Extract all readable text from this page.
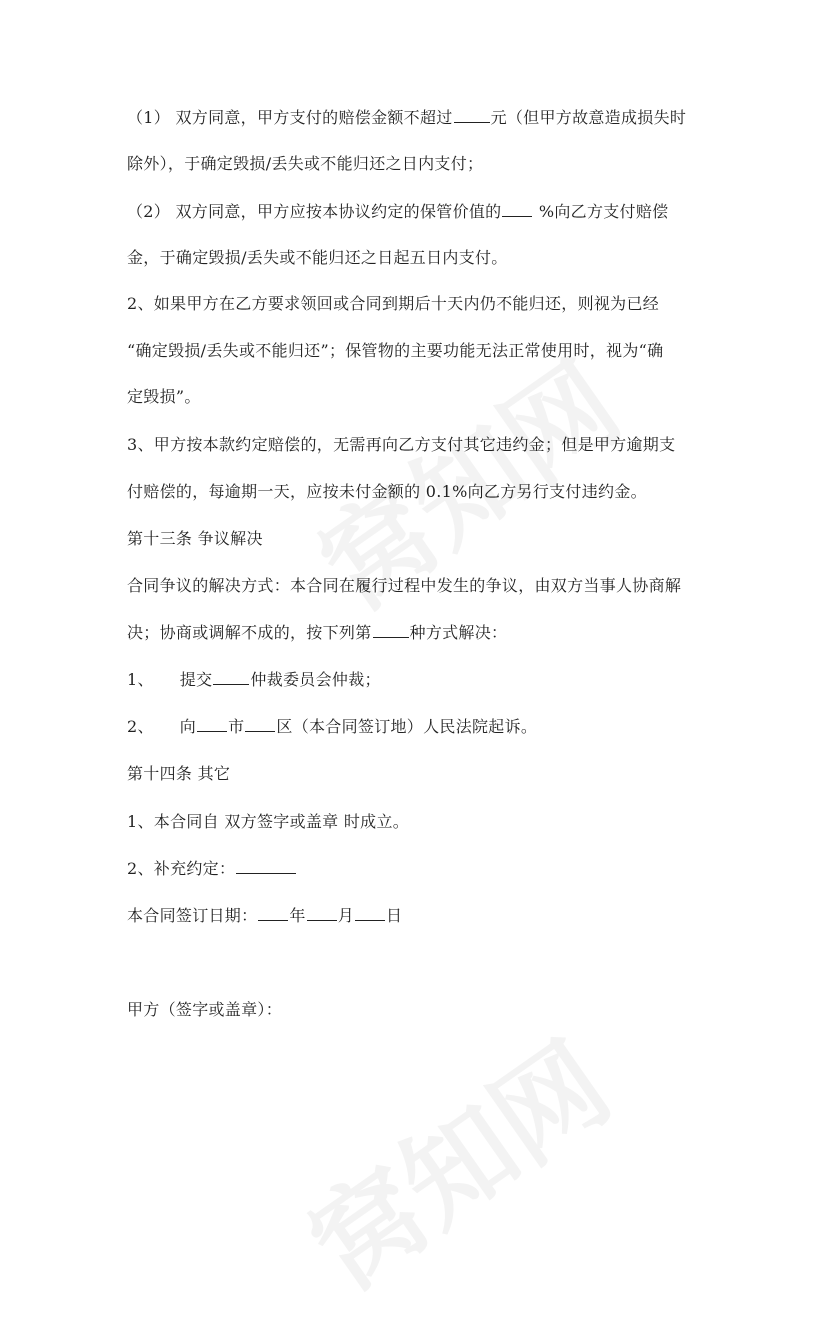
（1） 双方同意，甲方支付的赔偿金额不超过 元（但甲方故意造成损失时
除外），于确定毁损/丢失或不能归还之日内支付；
（2） 双方同意，甲方应按本协议约定的保管价值的 %向乙方支付赔偿
金，于确定毁损/丢失或不能归还之日起五日内支付。
2、如果甲方在乙方要求领回或合同到期后十天内仍不能归还，则视为已经
“确定毁损/丢失或不能归还”；保管物的主要功能无法正常使用时，视为“确
定毁损”。
3、甲方按本款约定赔偿的，无需再向乙方支付其它违约金；但是甲方逾期支
付赔偿的，每逾期一天，应按未付金额的 0.1%向乙方另行支付违约金。
第十三条 争议解决
合同争议的解决方式：本合同在履行过程中发生的争议，由双方当事人协商解
决；协商或调解不成的，按下列第 种方式解决：
1、 提交 仲裁委员会仲裁；
2、 向 市 区（本合同签订地）人民法院起诉。
第十四条 其它
1、本合同自 双方签字或盖章 时成立。
2、补充约定：
本合同签订日期： 年 月 日
甲方（签字或盖章）：
